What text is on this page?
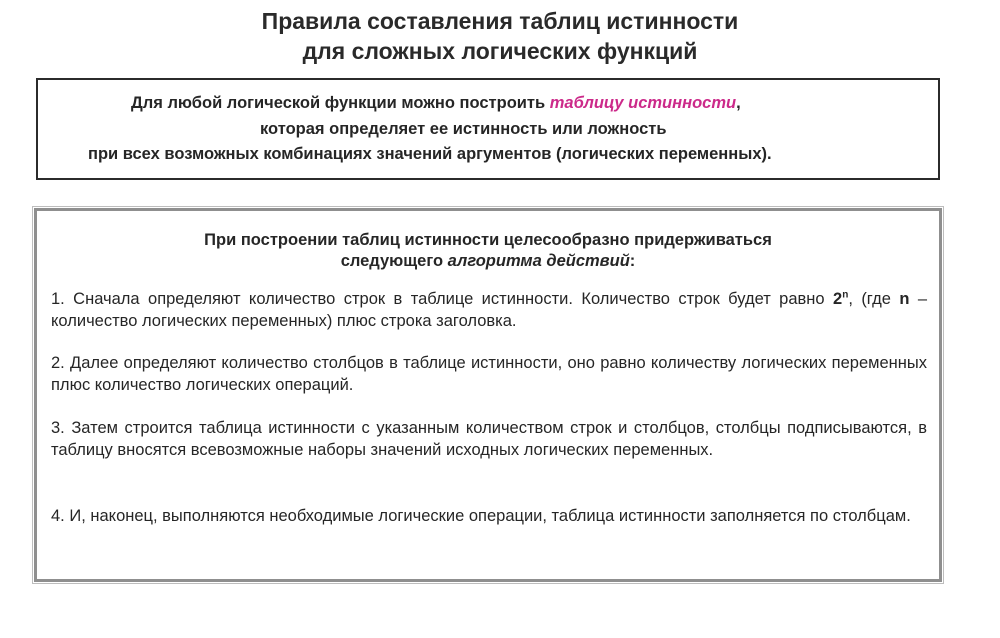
Правила составления таблиц истинности
для сложных логических функций
Для любой логической функции можно построить таблицу истинности,
которая определяет ее истинность или ложность
при всех возможных комбинациях значений аргументов (логических переменных).
При построении таблиц истинности целесообразно придерживаться
следующего алгоритма действий:

1. Сначала определяют количество строк в таблице истинности. Количество строк будет равно 2$^n$, (где n – количество логических переменных) плюс строка заголовка.

2. Далее определяют количество столбцов в таблице истинности, оно равно количеству логических переменных плюс количество логических операций.

3. Затем строится таблица истинности с указанным количеством строк и столбцов, столбцы подписываются, в таблицу вносятся всевозможные наборы значений исходных логических переменных.

4. И, наконец, выполняются необходимые логические операции, таблица истинности заполняется по столбцам.
